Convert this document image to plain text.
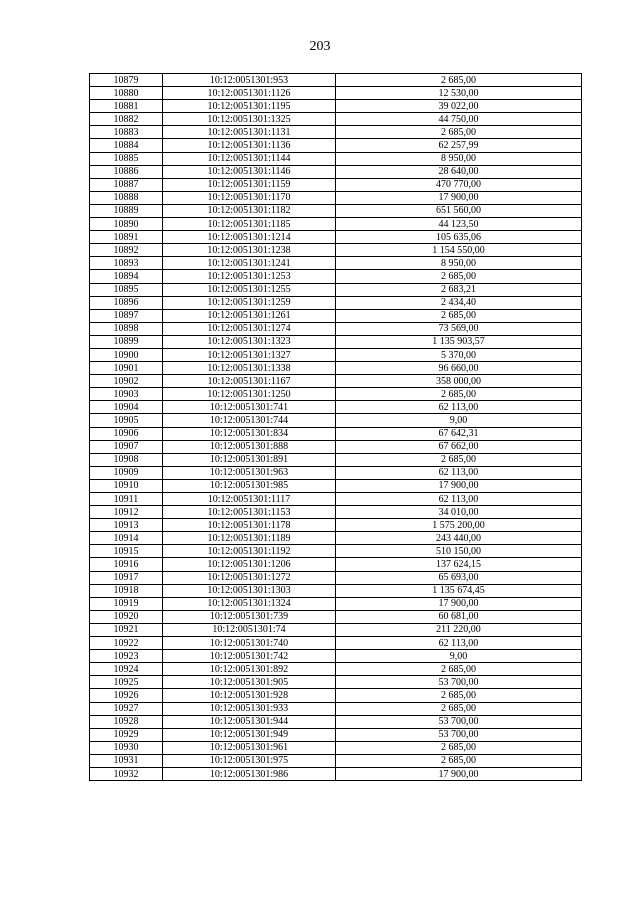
203
10879	10:12:0051301:953	2 685,00
10880	10:12:0051301:1126	12 530,00
10881	10:12:0051301:1195	39 022,00
10882	10:12:0051301:1325	44 750,00
10883	10:12:0051301:1131	2 685,00
10884	10:12:0051301:1136	62 257,99
10885	10:12:0051301:1144	8 950,00
10886	10:12:0051301:1146	28 640,00
10887	10:12:0051301:1159	470 770,00
10888	10:12:0051301:1170	17 900,00
10889	10:12:0051301:1182	651 560,00
10890	10:12:0051301:1185	44 123,50
10891	10:12:0051301:1214	105 635,06
10892	10:12:0051301:1238	1 154 550,00
10893	10:12:0051301:1241	8 950,00
10894	10:12:0051301:1253	2 685,00
10895	10:12:0051301:1255	2 683,21
10896	10:12:0051301:1259	2 434,40
10897	10:12:0051301:1261	2 685,00
10898	10:12:0051301:1274	73 569,00
10899	10:12:0051301:1323	1 135 903,57
10900	10:12:0051301:1327	5 370,00
10901	10:12:0051301:1338	96 660,00
10902	10:12:0051301:1167	358 000,00
10903	10:12:0051301:1250	2 685,00
10904	10:12:0051301:741	62 113,00
10905	10:12:0051301:744	9,00
10906	10:12:0051301:834	67 642,31
10907	10:12:0051301:888	67 662,00
10908	10:12:0051301:891	2 685,00
10909	10:12:0051301:963	62 113,00
10910	10:12:0051301:985	17 900,00
10911	10:12:0051301:1117	62 113,00
10912	10:12:0051301:1153	34 010,00
10913	10:12:0051301:1178	1 575 200,00
10914	10:12:0051301:1189	243 440,00
10915	10:12:0051301:1192	510 150,00
10916	10:12:0051301:1206	137 624,15
10917	10:12:0051301:1272	65 693,00
10918	10:12:0051301:1303	1 135 674,45
10919	10:12:0051301:1324	17 900,00
10920	10:12:0051301:739	60 681,00
10921	10:12:0051301:74	211 220,00
10922	10:12:0051301:740	62 113,00
10923	10:12:0051301:742	9,00
10924	10:12:0051301:892	2 685,00
10925	10:12:0051301:905	53 700,00
10926	10:12:0051301:928	2 685,00
10927	10:12:0051301:933	2 685,00
10928	10:12:0051301:944	53 700,00
10929	10:12:0051301:949	53 700,00
10930	10:12:0051301:961	2 685,00
10931	10:12:0051301:975	2 685,00
10932	10:12:0051301:986	17 900,00
